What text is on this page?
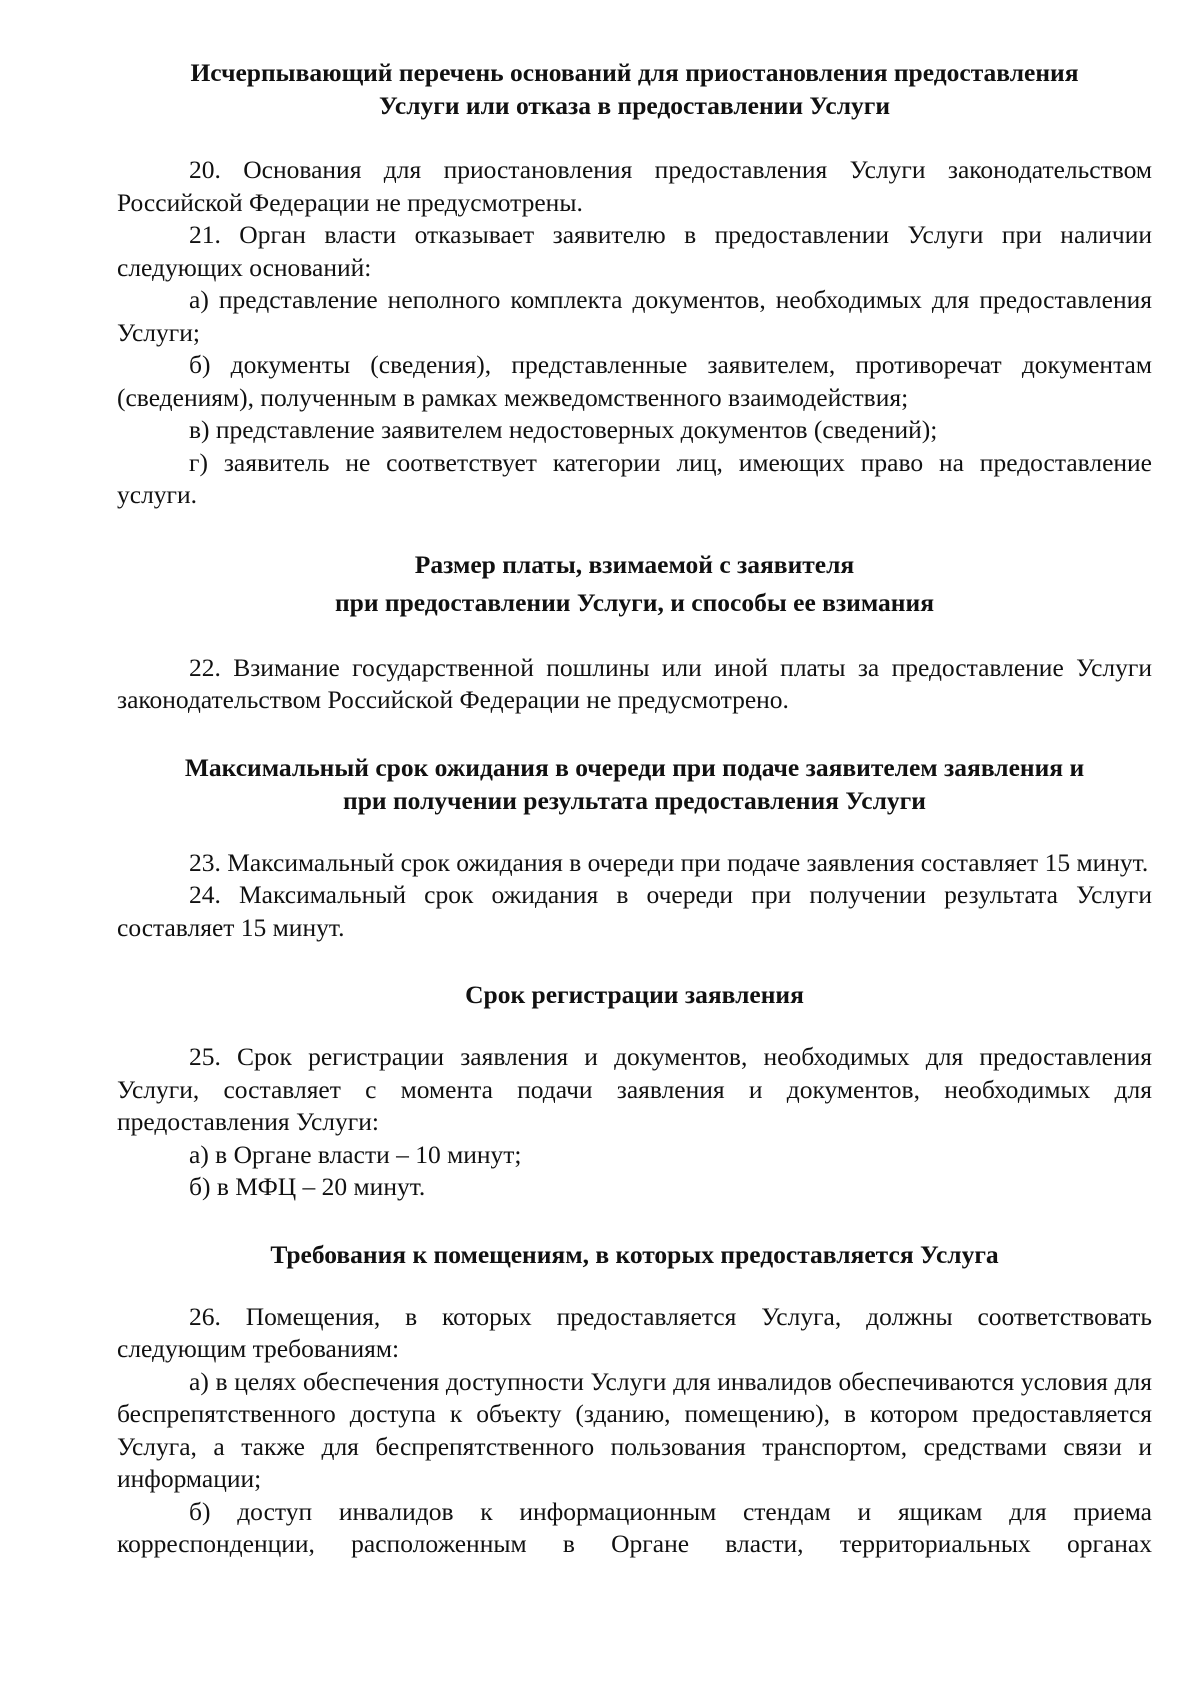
Исчерпывающий перечень оснований для приостановления предоставления
Услуги или отказа в предоставлении Услуги

20. Основания для приостановления предоставления Услуги законодательством Российской Федерации не предусмотрены.

21. Орган власти отказывает заявителю в предоставлении Услуги при наличии следующих оснований:

а) представление неполного комплекта документов, необходимых для предоставления Услуги;

б) документы (сведения), представленные заявителем, противоречат документам (сведениям), полученным в рамках межведомственного взаимодействия;

в) представление заявителем недостоверных документов (сведений);

г) заявитель не соответствует категории лиц, имеющих право на предоставление услуги.

Размер платы, взимаемой с заявителя
при предоставлении Услуги, и способы ее взимания

22. Взимание государственной пошлины или иной платы за предоставление Услуги законодательством Российской Федерации не предусмотрено.

Максимальный срок ожидания в очереди при подаче заявителем заявления и
при получении результата предоставления Услуги

23. Максимальный срок ожидания в очереди при подаче заявления составляет 15 минут.

24. Максимальный срок ожидания в очереди при получении результата Услуги составляет 15 минут.

Срок регистрации заявления

25. Срок регистрации заявления и документов, необходимых для предоставления Услуги, составляет с момента подачи заявления и документов, необходимых для предоставления Услуги:

а) в Органе власти – 10 минут;

б) в МФЦ – 20 минут.

Требования к помещениям, в которых предоставляется Услуга

26. Помещения, в которых предоставляется Услуга, должны соответствовать следующим требованиям:

а) в целях обеспечения доступности Услуги для инвалидов обеспечиваются условия для беспрепятственного доступа к объекту (зданию, помещению), в котором предоставляется Услуга, а также для беспрепятственного пользования транспортом, средствами связи и информации;

б) доступ инвалидов к информационным стендам и ящикам для приема корреспонденции, расположенным в Органе власти, территориальных органах
